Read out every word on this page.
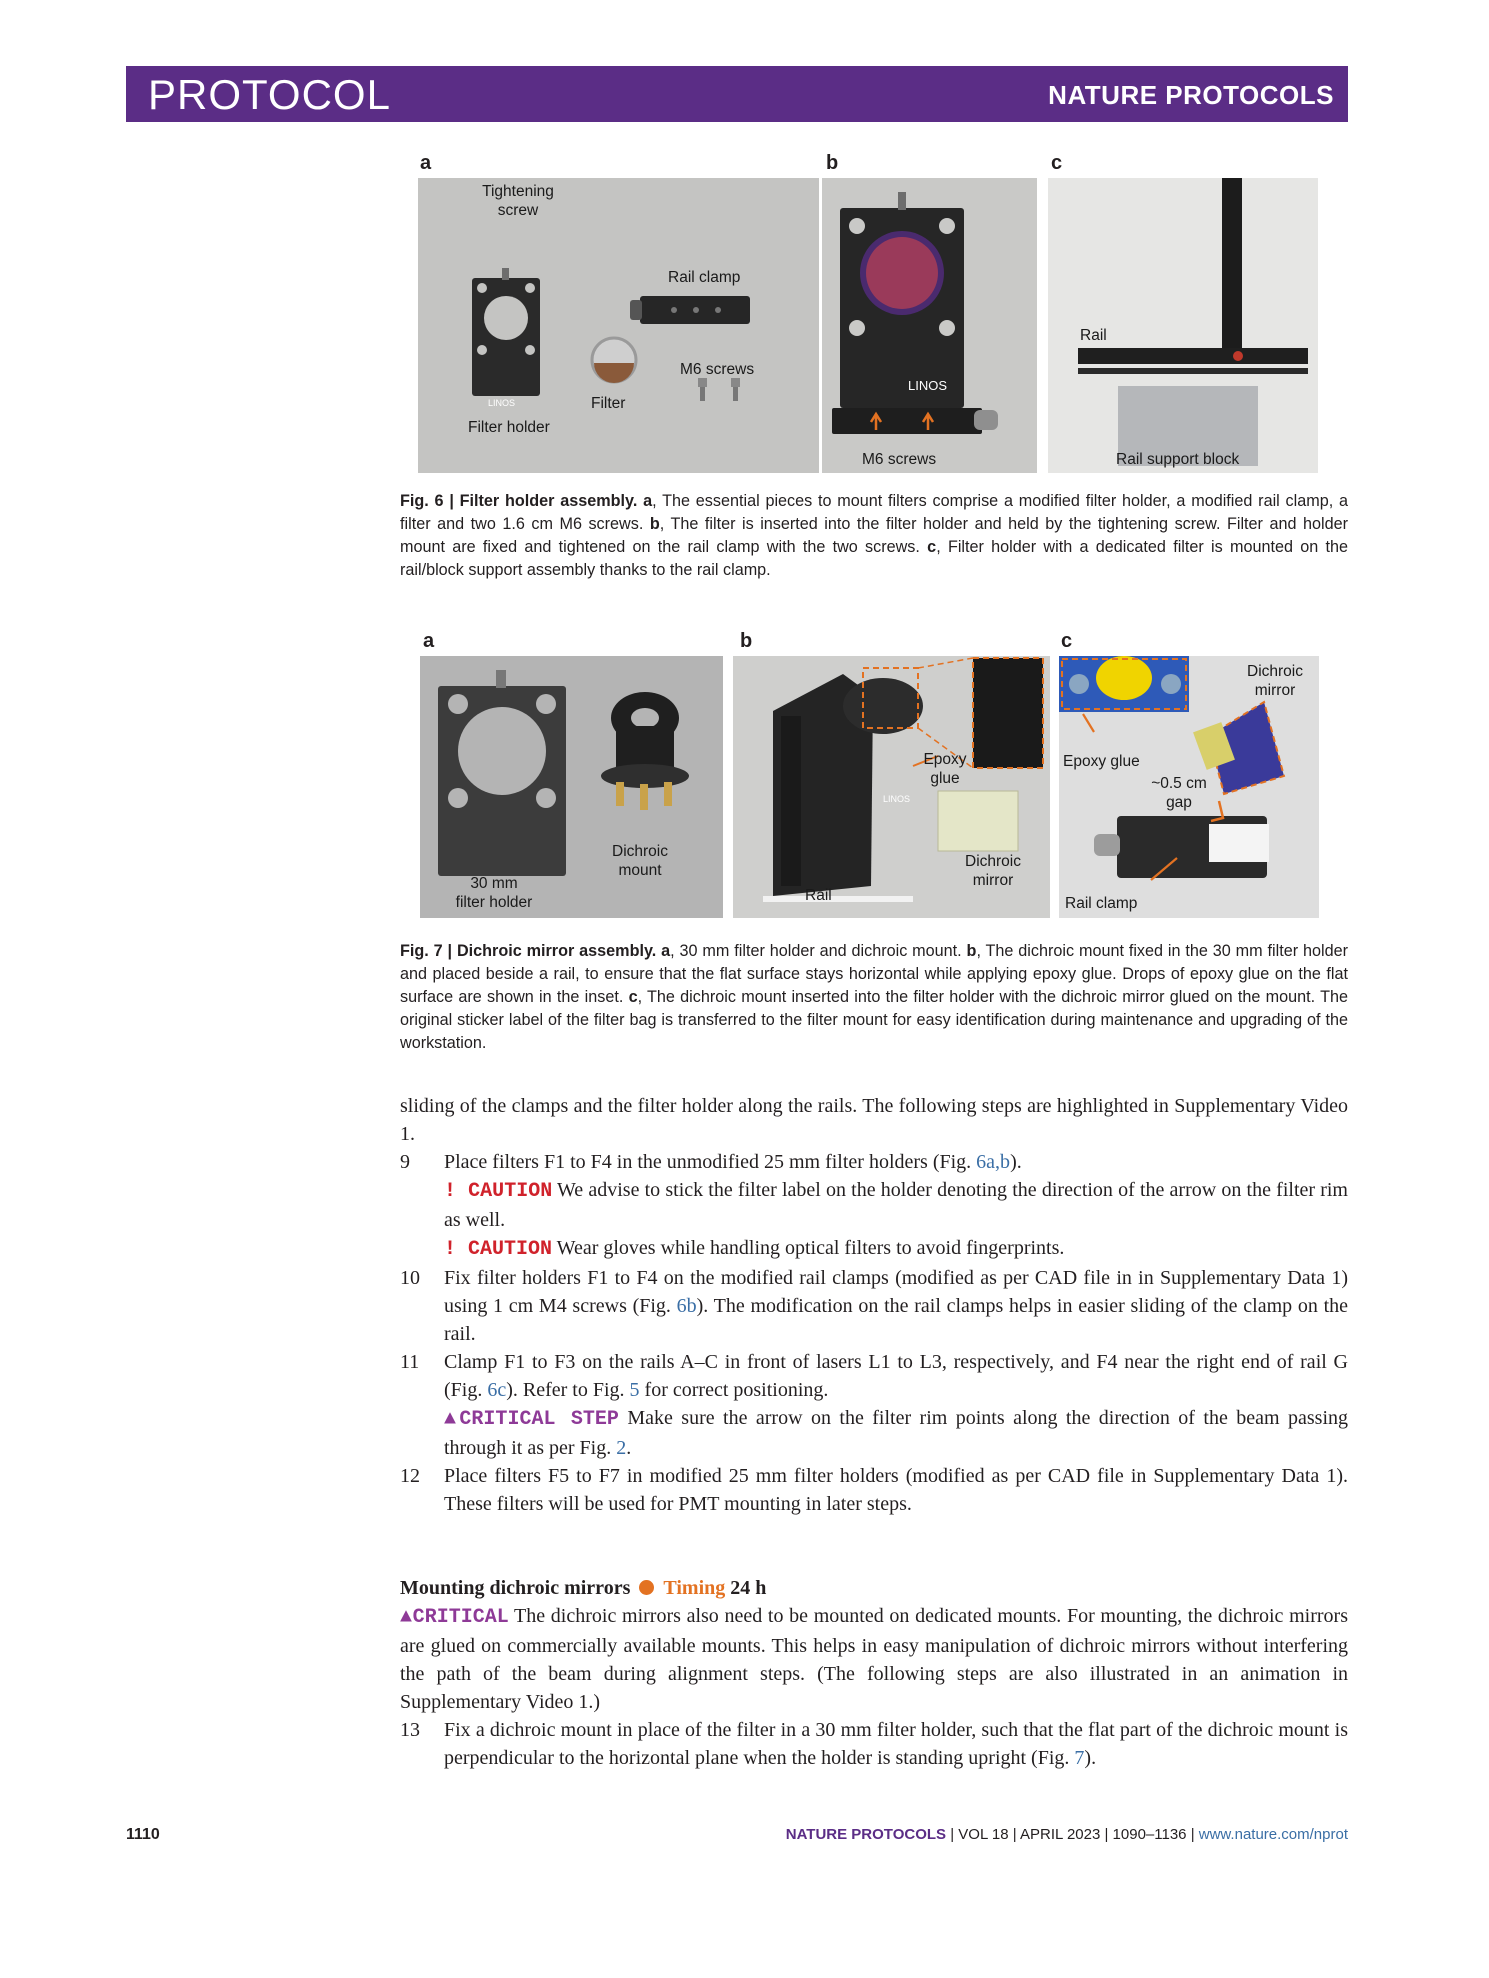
PROTOCOL	NATURE PROTOCOLS
a	b	c
Tightening
screw
Rail clamp
M6 screws
Filter
Filter holder
LINOS
LINOS
M6 screws
Rail
Rail support block
Fig. 6 | Filter holder assembly. a, The essential pieces to mount filters comprise a modified filter holder, a modified rail clamp, a filter and two 1.6 cm M6 screws. b, The filter is inserted into the filter holder and held by the tightening screw. Filter and holder mount are fixed and tightened on the rail clamp with the two screws. c, Filter holder with a dedicated filter is mounted on the rail/block support assembly thanks to the rail clamp.
a	b	c
Dichroic
mount
30 mm
filter holder
LINOS
Epoxy
glue
Dichroic
mirror
Rail
Dichroic
mirror
Epoxy glue
~0.5 cm
gap
Rail clamp
Fig. 7 | Dichroic mirror assembly. a, 30 mm filter holder and dichroic mount. b, The dichroic mount fixed in the 30 mm filter holder and placed beside a rail, to ensure that the flat surface stays horizontal while applying epoxy glue. Drops of epoxy glue on the flat surface are shown in the inset. c, The dichroic mount inserted into the filter holder with the dichroic mirror glued on the mount. The original sticker label of the filter bag is transferred to the filter mount for easy identification during maintenance and upgrading of the workstation.
sliding of the clamps and the filter holder along the rails. The following steps are highlighted in Supplementary Video 1.
9 Place filters F1 to F4 in the unmodified 25 mm filter holders (Fig. 6a,b).
! CAUTION We advise to stick the filter label on the holder denoting the direction of the arrow on the filter rim as well.
! CAUTION Wear gloves while handling optical filters to avoid fingerprints.
10 Fix filter holders F1 to F4 on the modified rail clamps (modified as per CAD file in in Supplementary Data 1) using 1 cm M4 screws (Fig. 6b). The modification on the rail clamps helps in easier sliding of the clamp on the rail.
11 Clamp F1 to F3 on the rails A–C in front of lasers L1 to L3, respectively, and F4 near the right end of rail G (Fig. 6c). Refer to Fig. 5 for correct positioning.
▲CRITICAL STEP Make sure the arrow on the filter rim points along the direction of the beam passing through it as per Fig. 2.
12 Place filters F5 to F7 in modified 25 mm filter holders (modified as per CAD file in Supplementary Data 1). These filters will be used for PMT mounting in later steps.
Mounting dichroic mirrors Timing 24 h
▲CRITICAL The dichroic mirrors also need to be mounted on dedicated mounts. For mounting, the dichroic mirrors are glued on commercially available mounts. This helps in easy manipulation of dichroic mirrors without interfering the path of the beam during alignment steps. (The following steps are also illustrated in an animation in Supplementary Video 1.)
13 Fix a dichroic mount in place of the filter in a 30 mm filter holder, such that the flat part of the dichroic mount is perpendicular to the horizontal plane when the holder is standing upright (Fig. 7).
1110	NATURE PROTOCOLS | VOL 18 | APRIL 2023 | 1090–1136 | www.nature.com/nprot
